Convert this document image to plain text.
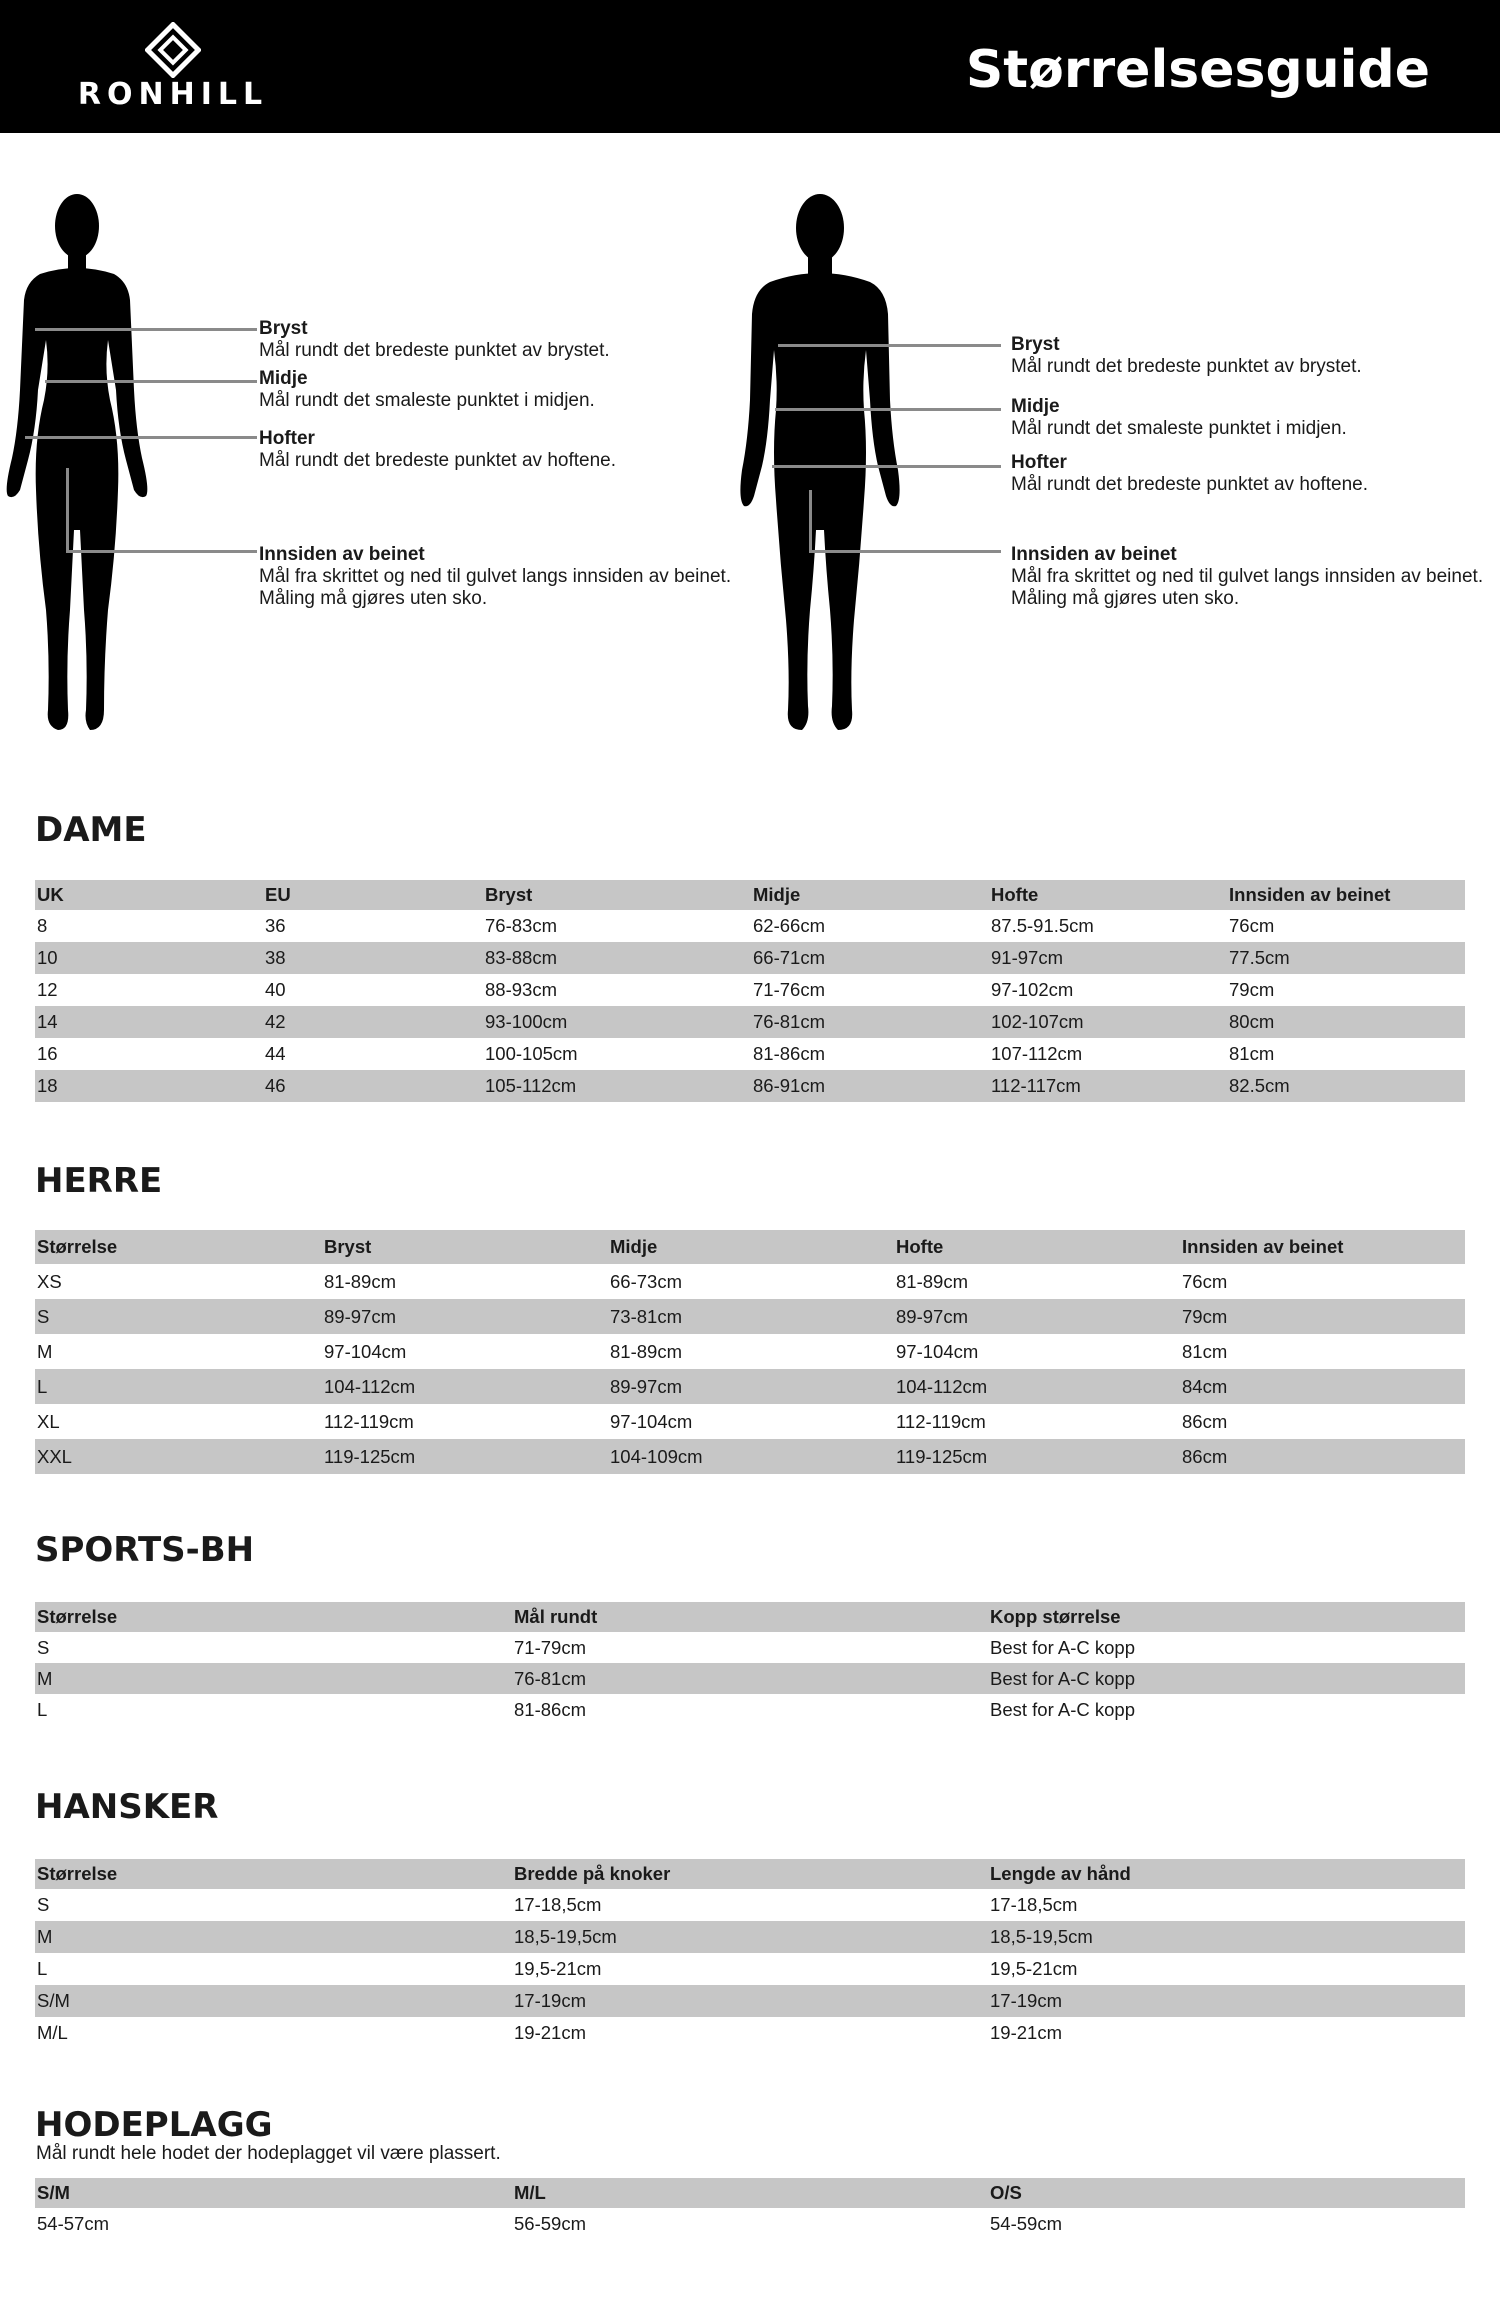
RONHILL	Størrelsesguide
Bryst
Mål rundt det bredeste punktet av brystet.
Midje
Mål rundt det smaleste punktet i midjen.
Hofter
Mål rundt det bredeste punktet av hoftene.
Innsiden av beinet
Mål fra skrittet og ned til gulvet langs innsiden av beinet.
Måling må gjøres uten sko.
Bryst
Mål rundt det bredeste punktet av brystet.
Midje
Mål rundt det smaleste punktet i midjen.
Hofter
Mål rundt det bredeste punktet av hoftene.
Innsiden av beinet
Mål fra skrittet og ned til gulvet langs innsiden av beinet.
Måling må gjøres uten sko.
DAME
UK	EU	Bryst	Midje	Hofte	Innsiden av beinet
8	36	76-83cm	62-66cm	87.5-91.5cm	76cm
10	38	83-88cm	66-71cm	91-97cm	77.5cm
12	40	88-93cm	71-76cm	97-102cm	79cm
14	42	93-100cm	76-81cm	102-107cm	80cm
16	44	100-105cm	81-86cm	107-112cm	81cm
18	46	105-112cm	86-91cm	112-117cm	82.5cm
HERRE
Størrelse	Bryst	Midje	Hofte	Innsiden av beinet
XS	81-89cm	66-73cm	81-89cm	76cm
S	89-97cm	73-81cm	89-97cm	79cm
M	97-104cm	81-89cm	97-104cm	81cm
L	104-112cm	89-97cm	104-112cm	84cm
XL	112-119cm	97-104cm	112-119cm	86cm
XXL	119-125cm	104-109cm	119-125cm	86cm
SPORTS-BH
Størrelse	Mål rundt	Kopp størrelse
S	71-79cm	Best for A-C kopp
M	76-81cm	Best for A-C kopp
L	81-86cm	Best for A-C kopp
HANSKER
Størrelse	Bredde på knoker	Lengde av hånd
S	17-18,5cm	17-18,5cm
M	18,5-19,5cm	18,5-19,5cm
L	19,5-21cm	19,5-21cm
S/M	17-19cm	17-19cm
M/L	19-21cm	19-21cm
HODEPLAGG
Mål rundt hele hodet der hodeplagget vil være plassert.
S/M	M/L	O/S
54-57cm	56-59cm	54-59cm
